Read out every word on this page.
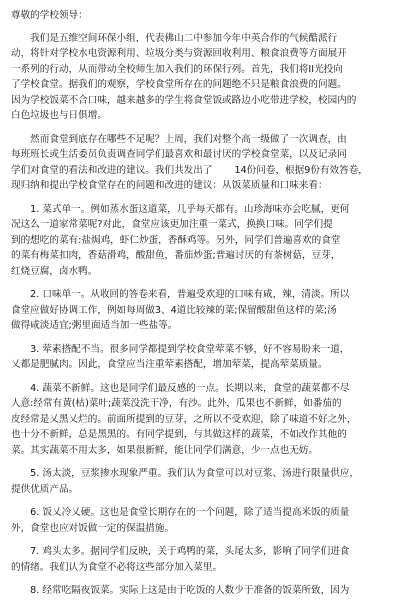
尊敬的学校领导：
　　我们是五维空间环保小组，代表佛山二中参加今年中英合作的气候酷派行
动，将针对学校水电资源利用、垃圾分类与资源回收利用、粮食浪费等方面展开
一系列的行动，从而带动全校师生加入我们的环保行列。首先，我们将II光投向
了学校食堂。据我们的观察，学校食堂所存在的问题绝不只是粮食浪费的问题。
因为学校饭菜不合口味，越来越多的学生将食堂饭或路边小吃带进学校，校园内的
白色垃圾也与日俱增。
　　然而食堂到底存在哪些不足呢？上周，我们对整个高一级做了一次调查，由
每班班长或生活委员负责调查同学们最喜欢和最讨厌的学校食堂菜，以及记录同
学们对食堂的看法和改进的建议。我们共发出了 14份问卷，根据9份有效答卷，
现归纳和提出学校食堂存在的问题和改进的建议：从饭菜质量和口味来看：
　　1. 菜式单一。例如蒸水蛋这道菜，几乎每天都有。山珍海味亦会吃腻，更何
况这么一道家常菜呢?对此，食堂应该更加注重一菜式，换换口味。同学们提
到的想吃的菜有:盐焗鸡，虾仁炒蛋，香酥鸡等。另外，同学们普遍喜欢的食堂
的菜有梅菜扣肉，香菇滑鸡，酸甜鱼，番茄炒蛋;普遍讨厌的有茶树菇，豆芽，
红烧豆腐，卤水鸭。
　　2. 口味单一。从收回的答卷来看，普遍受欢迎的口味有咸，辣，清淡。所以
食堂应做好协调工作，例如每周做3、4道比较辣的菜;保留酸甜鱼这样的菜;汤
做得咸淡适宜;粥里面适当加一些盐等。
　　3. 荤素搭配不当。很多同学都提到学校食堂荤菜不够，好不容易盼来一道，
乂都是肥腻肉。因此，食堂应当注重荤素搭配，增加荤菜，提高荤菜质量。
　　4. 蔬菜不新鲜。这也是同学们最反感的一点。长期以来，食堂的蔬菜都不尽
人意:经常有黄(枯)菜叶;蔬菜没洗干净，有沙。此外，瓜果也不新鲜，如番茄的
皮经常是乂黑乂烂的。前面所提到的豆芽，之所以不受欢迎，除了味道不好之外，
也十分不新鲜，总是黑黑的。有同学提到，与其做这样的蔬菜，不如改作其他的
菜。其实蔬菜不用太多，如果很新鲜，能让同学们满意，少一点也无妨。
　　5. 汤太淡，豆浆掺水现象严重。我们认为食堂可以对豆浆、汤进行限量供应，
提供优质产品。
　　6. 饭乂冷乂硬。这也是食堂长期存在的一个问题，除了适当提高米饭的质量
外，食堂也应对饭做一定的保温措施。
　　7. 鸡头太多。据同学们反映，关于鸡鸭的菜，头尾太多，影响了同学们进食
的情绪。我们认为食堂不必将这些部分加入菜里。
　　8. 经常吃隔夜饭菜。实际上这是由于吃饭的人数少于准备的饭菜所致，因为
